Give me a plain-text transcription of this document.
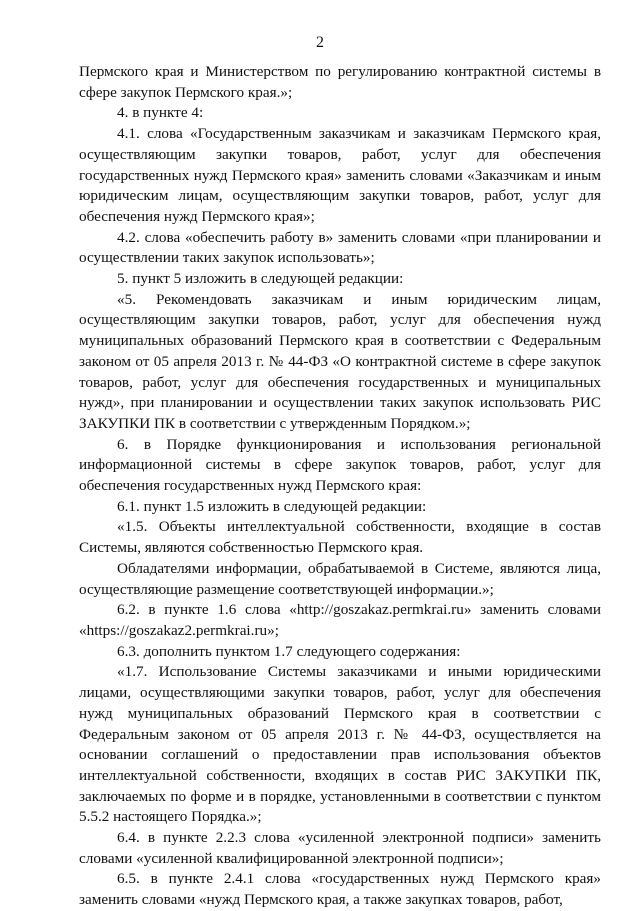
2

Пермского края и Министерством по регулированию контрактной системы в сфере закупок Пермского края.»;

4. в пункте 4:

4.1. слова «Государственным заказчикам и заказчикам Пермского края, осуществляющим закупки товаров, работ, услуг для обеспечения государственных нужд Пермского края» заменить словами «Заказчикам и иным юридическим лицам, осуществляющим закупки товаров, работ, услуг для обеспечения нужд Пермского края»;

4.2. слова «обеспечить работу в» заменить словами «при планировании и осуществлении таких закупок использовать»;

5. пункт 5 изложить в следующей редакции:

«5. Рекомендовать заказчикам и иным юридическим лицам, осуществляющим закупки товаров, работ, услуг для обеспечения нужд муниципальных образований Пермского края в соответствии с Федеральным законом от 05 апреля 2013 г. № 44-ФЗ «О контрактной системе в сфере закупок товаров, работ, услуг для обеспечения государственных и муниципальных нужд», при планировании и осуществлении таких закупок использовать РИС ЗАКУПКИ ПК в соответствии с утвержденным Порядком.»;

6. в Порядке функционирования и использования региональной информационной системы в сфере закупок товаров, работ, услуг для обеспечения государственных нужд Пермского края:

6.1. пункт 1.5 изложить в следующей редакции:

«1.5. Объекты интеллектуальной собственности, входящие в состав Системы, являются собственностью Пермского края.

Обладателями информации, обрабатываемой в Системе, являются лица, осуществляющие размещение соответствующей информации.»;

6.2. в пункте 1.6 слова «http://goszakaz.permkrai.ru» заменить словами «https://goszakaz2.permkrai.ru»;

6.3. дополнить пунктом 1.7 следующего содержания:

«1.7. Использование Системы заказчиками и иными юридическими лицами, осуществляющими закупки товаров, работ, услуг для обеспечения нужд муниципальных образований Пермского края в соответствии с Федеральным законом от 05 апреля 2013 г. № 44-ФЗ, осуществляется на основании соглашений о предоставлении прав использования объектов интеллектуальной собственности, входящих в состав РИС ЗАКУПКИ ПК, заключаемых по форме и в порядке, установленными в соответствии с пунктом 5.5.2 настоящего Порядка.»;

6.4. в пункте 2.2.3 слова «усиленной электронной подписи» заменить словами «усиленной квалифицированной электронной подписи»;

6.5. в пункте 2.4.1 слова «государственных нужд Пермского края» заменить словами «нужд Пермского края, а также закупках товаров, работ,
